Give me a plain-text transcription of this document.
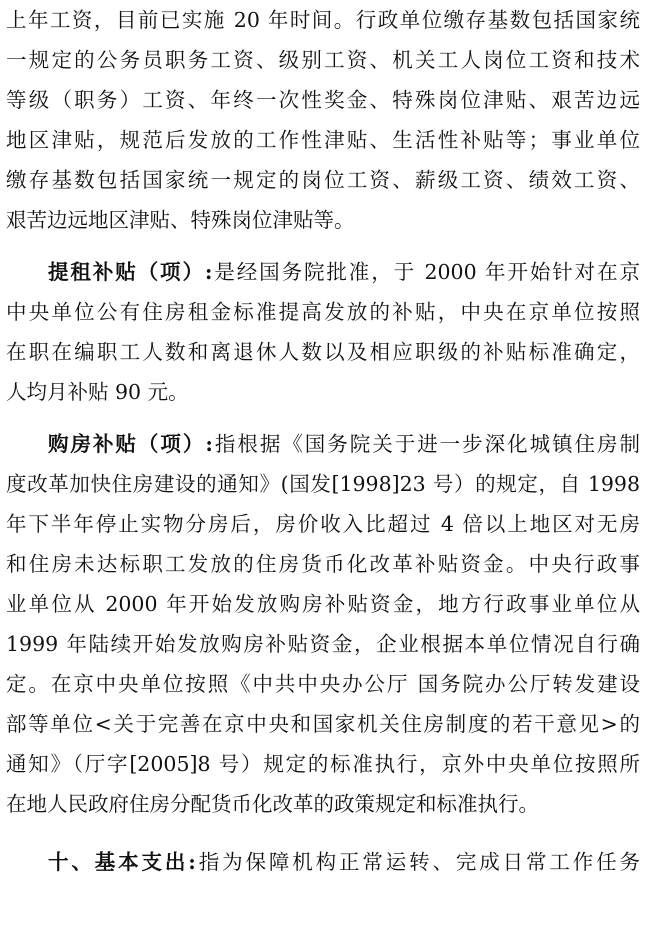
上年工资，目前已实施 20 年时间。行政单位缴存基数包括国家统
一规定的公务员职务工资、级别工资、机关工人岗位工资和技术
等级（职务）工资、年终一次性奖金、特殊岗位津贴、艰苦边远
地区津贴，规范后发放的工作性津贴、生活性补贴等；事业单位
缴存基数包括国家统一规定的岗位工资、薪级工资、绩效工资、
艰苦边远地区津贴、特殊岗位津贴等。
提租补贴（项）:是经国务院批准，于 2000 年开始针对在京
中央单位公有住房租金标准提高发放的补贴，中央在京单位按照
在职在编职工人数和离退休人数以及相应职级的补贴标准确定，
人均月补贴 90 元。
购房补贴（项）:指根据《国务院关于进一步深化城镇住房制
度改革加快住房建设的通知》(国发[1998]23 号）的规定，自 1998
年下半年停止实物分房后，房价收入比超过 4 倍以上地区对无房
和住房未达标职工发放的住房货币化改革补贴资金。中央行政事
业单位从 2000 年开始发放购房补贴资金，地方行政事业单位从
1999 年陆续开始发放购房补贴资金，企业根据本单位情况自行确
定。在京中央单位按照《中共中央办公厅 国务院办公厅转发建设
部等单位<关于完善在京中央和国家机关住房制度的若干意见>的
通知》（厅字[2005]8 号）规定的标准执行，京外中央单位按照所
在地人民政府住房分配货币化改革的政策规定和标准执行。
十、基本支出:指为保障机构正常运转、完成日常工作任务
